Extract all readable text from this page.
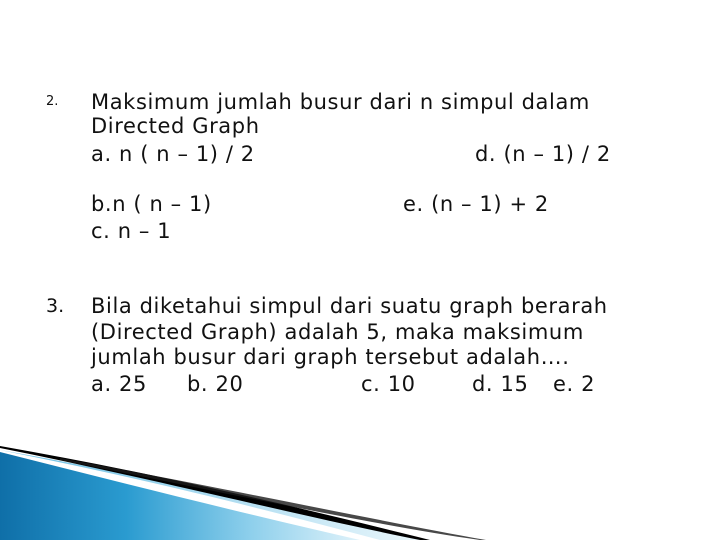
2. Maksimum jumlah busur dari n simpul dalam
Directed Graph
a. n ( n – 1) / 2	d. (n – 1) / 2
b.n ( n – 1)	e. (n – 1) + 2
c. n – 1
3. Bila diketahui simpul dari suatu graph berarah
(Directed Graph) adalah 5, maka maksimum
jumlah busur dari graph tersebut adalah….
a. 25 b. 20	c. 10	d. 15 e. 2
